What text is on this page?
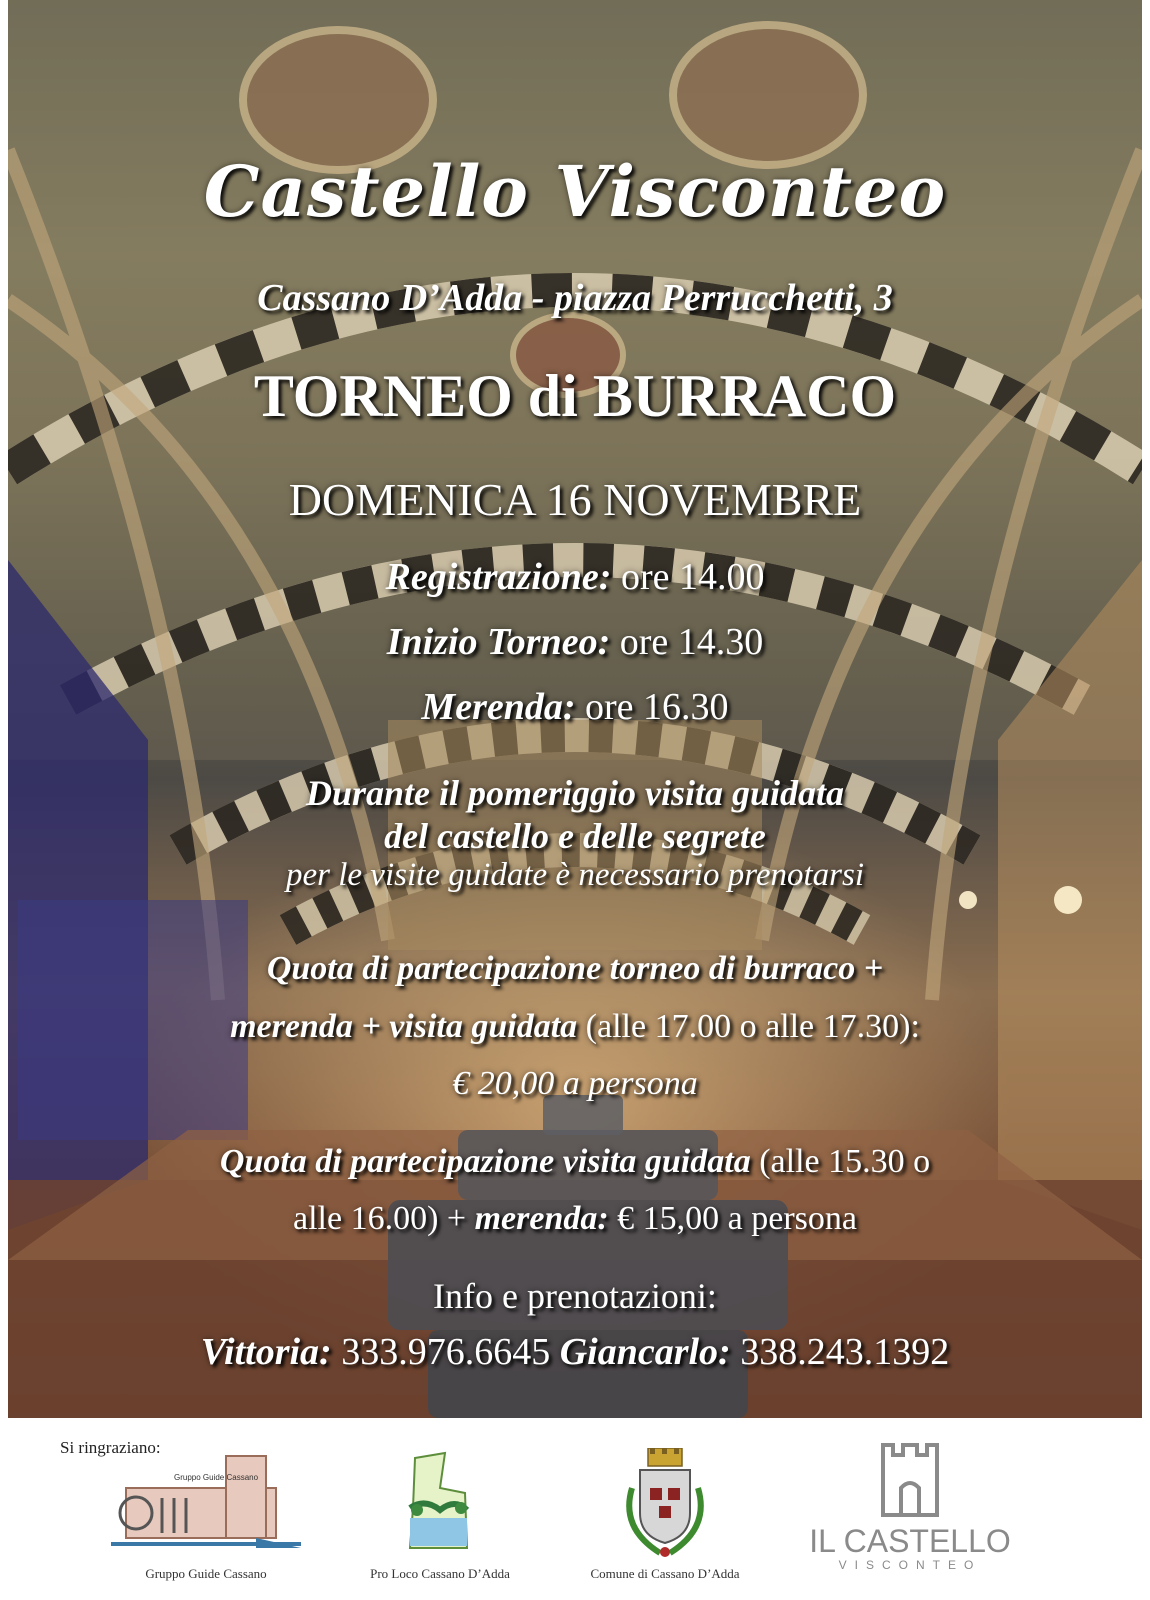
Castello Visconteo

Cassano D’Adda - piazza Perrucchetti, 3

TORNEO di BURRACO

DOMENICA 16 NOVEMBRE

Registrazione: ore 14.00

Inizio Torneo: ore 14.30

Merenda: ore 16.30

Durante il pomeriggio visita guidata

del castello e delle segrete

per le visite guidate è necessario prenotarsi

Quota di partecipazione torneo di burraco +

merenda + visita guidata (alle 17.00 o alle 17.30):

€ 20,00 a persona

Quota di partecipazione visita guidata (alle 15.30 o

alle 16.00) + merenda: € 15,00 a persona

Info e prenotazioni:

Vittoria: 333.976.6645 Giancarlo: 338.243.1392

Si ringraziano:
Gruppo Guide Cassano
Gruppo Guide Cassano	Pro Loco Cassano D’Adda	Comune di Cassano D’Adda
IL CASTELLO
VISCONTEO
